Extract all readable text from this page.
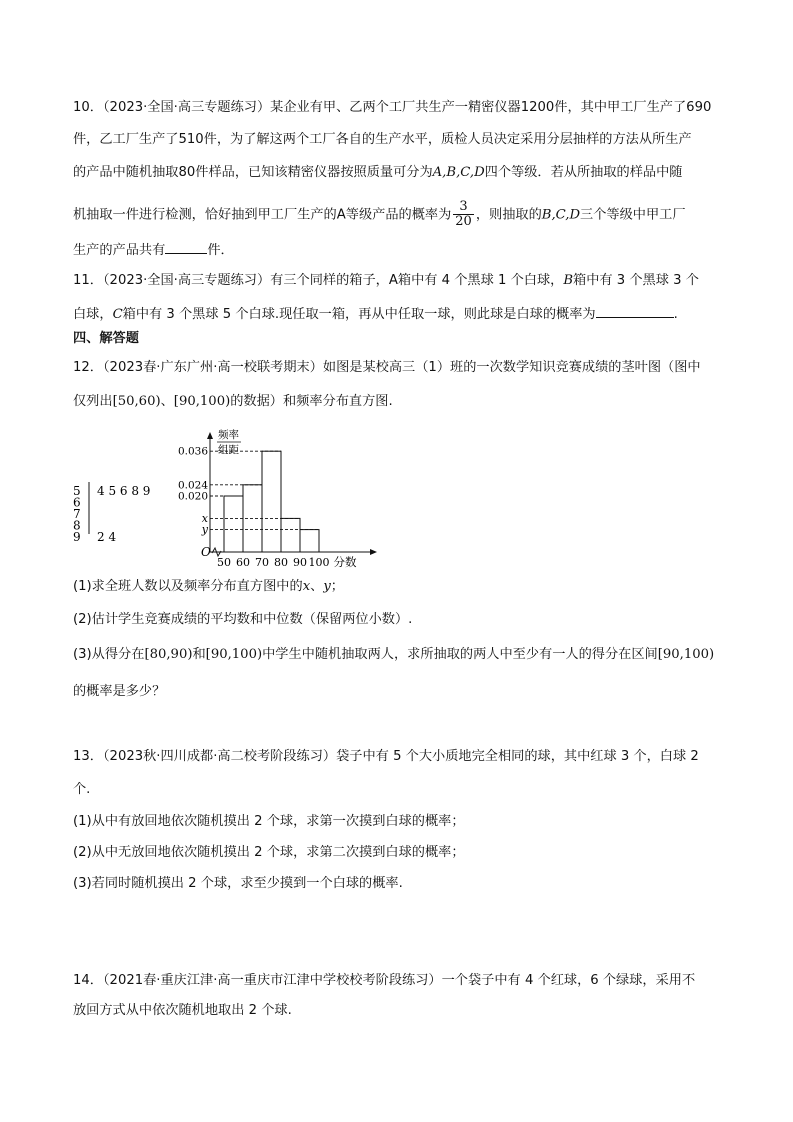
10．（2023·全国·高三专题练习）某企业有甲、乙两个工厂共生产一精密仪器1200件，其中甲工厂生产了690
件，乙工厂生产了510件，为了解这两个工厂各自的生产水平，质检人员决定采用分层抽样的方法从所生产
的产品中随机抽取80件样品，已知该精密仪器按照质量可分为A,B,C,D四个等级．若从所抽取的样品中随
机抽取一件进行检测，恰好抽到甲工厂生产的A等级产品的概率为 $\frac{3}{20}$ ，则抽取的B,C,D三个等级中甲工厂
生产的产品共有	件．
11．（2023·全国·高三专题练习）有三个同样的箱子，A箱中有 4 个黑球 1 个白球，B箱中有 3 个黑球 3 个
白球，C箱中有 3 个黑球 5 个白球.现任取一箱，再从中任取一球，则此球是白球的概率为	.
四、解答题
12．（2023春·广东广州·高一校联考期末）如图是某校高三（1）班的一次数学知识竞赛成绩的茎叶图（图中
仅列出[50,60)、[90,100)的数据）和频率分布直方图.
5 4 5 6 8 9
6
7
8
9 2 4
频率
组距
O
0.036
0.024
0.020
x
y
50 60 70 80 90 100 分数
(1)求全班人数以及频率分布直方图中的x、y；
(2)估计学生竞赛成绩的平均数和中位数（保留两位小数）.
(3)从得分在[80,90)和[90,100)中学生中随机抽取两人，求所抽取的两人中至少有一人的得分在区间[90,100)
的概率是多少？
13．（2023秋·四川成都·高二校考阶段练习）袋子中有 5 个大小质地完全相同的球，其中红球 3 个，白球 2
个.
(1)从中有放回地依次随机摸出 2 个球，求第一次摸到白球的概率；
(2)从中无放回地依次随机摸出 2 个球，求第二次摸到白球的概率；
(3)若同时随机摸出 2 个球，求至少摸到一个白球的概率.
14．（2021春·重庆江津·高一重庆市江津中学校校考阶段练习）一个袋子中有 4 个红球，6 个绿球，采用不
放回方式从中依次随机地取出 2 个球.
